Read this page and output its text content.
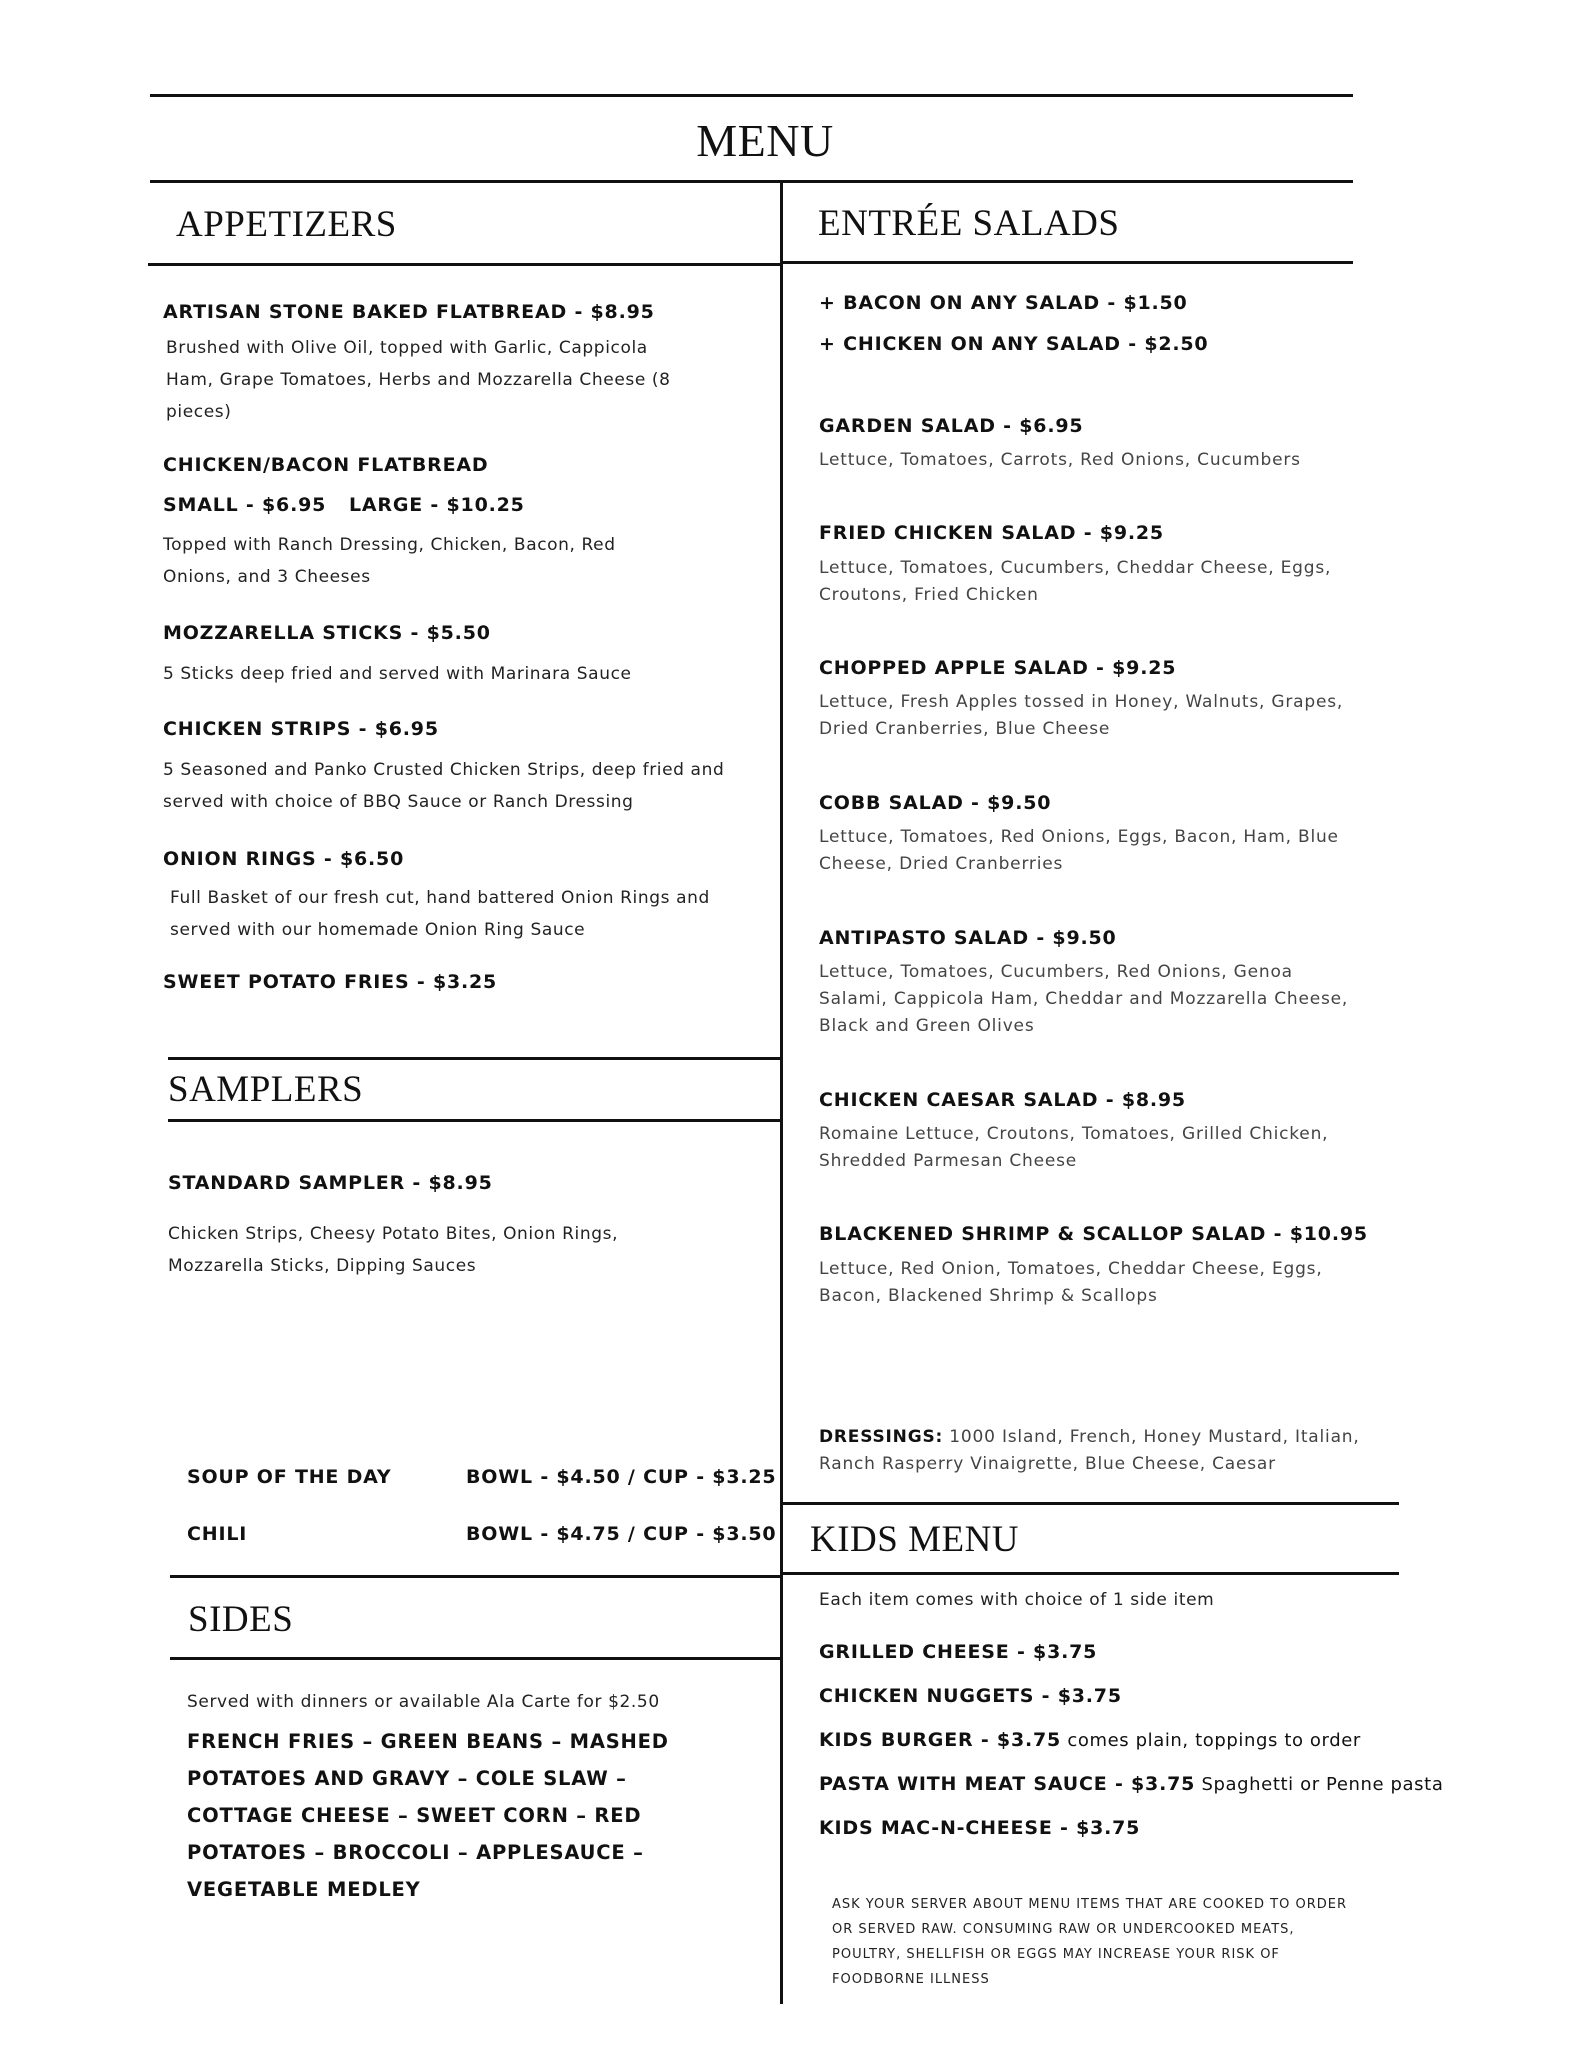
MENU
APPETIZERS
ARTISAN STONE BAKED FLATBREAD - $8.95
Brushed with Olive Oil, topped with Garlic, Cappicola Ham, Grape Tomatoes, Herbs and Mozzarella Cheese (8 pieces)
CHICKEN/BACON FLATBREAD
SMALL - $6.95 LARGE - $10.25
Topped with Ranch Dressing, Chicken, Bacon, Red Onions, and 3 Cheeses
MOZZARELLA STICKS - $5.50
5 Sticks deep fried and served with Marinara Sauce
CHICKEN STRIPS - $6.95
5 Seasoned and Panko Crusted Chicken Strips, deep fried and served with choice of BBQ Sauce or Ranch Dressing
ONION RINGS - $6.50
Full Basket of our fresh cut, hand battered Onion Rings and served with our homemade Onion Ring Sauce
SWEET POTATO FRIES - $3.25
SAMPLERS
STANDARD SAMPLER - $8.95
Chicken Strips, Cheesy Potato Bites, Onion Rings, Mozzarella Sticks, Dipping Sauces
SOUP OF THE DAY	BOWL - $4.50 / CUP - $3.25
CHILI	BOWL - $4.75 / CUP - $3.50
SIDES
Served with dinners or available Ala Carte for $2.50
FRENCH FRIES – GREEN BEANS – MASHED POTATOES AND GRAVY – COLE SLAW – COTTAGE CHEESE – SWEET CORN – RED POTATOES – BROCCOLI – APPLESAUCE – VEGETABLE MEDLEY
ENTRÉE SALADS
+ BACON ON ANY SALAD - $1.50
+ CHICKEN ON ANY SALAD - $2.50
GARDEN SALAD - $6.95
Lettuce, Tomatoes, Carrots, Red Onions, Cucumbers
FRIED CHICKEN SALAD - $9.25
Lettuce, Tomatoes, Cucumbers, Cheddar Cheese, Eggs, Croutons, Fried Chicken
CHOPPED APPLE SALAD - $9.25
Lettuce, Fresh Apples tossed in Honey, Walnuts, Grapes, Dried Cranberries, Blue Cheese
COBB SALAD - $9.50
Lettuce, Tomatoes, Red Onions, Eggs, Bacon, Ham, Blue Cheese, Dried Cranberries
ANTIPASTO SALAD - $9.50
Lettuce, Tomatoes, Cucumbers, Red Onions, Genoa Salami, Cappicola Ham, Cheddar and Mozzarella Cheese, Black and Green Olives
CHICKEN CAESAR SALAD - $8.95
Romaine Lettuce, Croutons, Tomatoes, Grilled Chicken, Shredded Parmesan Cheese
BLACKENED SHRIMP & SCALLOP SALAD - $10.95
Lettuce, Red Onion, Tomatoes, Cheddar Cheese, Eggs, Bacon, Blackened Shrimp & Scallops
DRESSINGS: 1000 Island, French, Honey Mustard, Italian, Ranch Rasperry Vinaigrette, Blue Cheese, Caesar
KIDS MENU
Each item comes with choice of 1 side item
GRILLED CHEESE - $3.75
CHICKEN NUGGETS - $3.75
KIDS BURGER - $3.75 comes plain, toppings to order
PASTA WITH MEAT SAUCE - $3.75 Spaghetti or Penne pasta
KIDS MAC-N-CHEESE - $3.75
ASK YOUR SERVER ABOUT MENU ITEMS THAT ARE COOKED TO ORDER OR SERVED RAW. CONSUMING RAW OR UNDERCOOKED MEATS, POULTRY, SHELLFISH OR EGGS MAY INCREASE YOUR RISK OF FOODBORNE ILLNESS
